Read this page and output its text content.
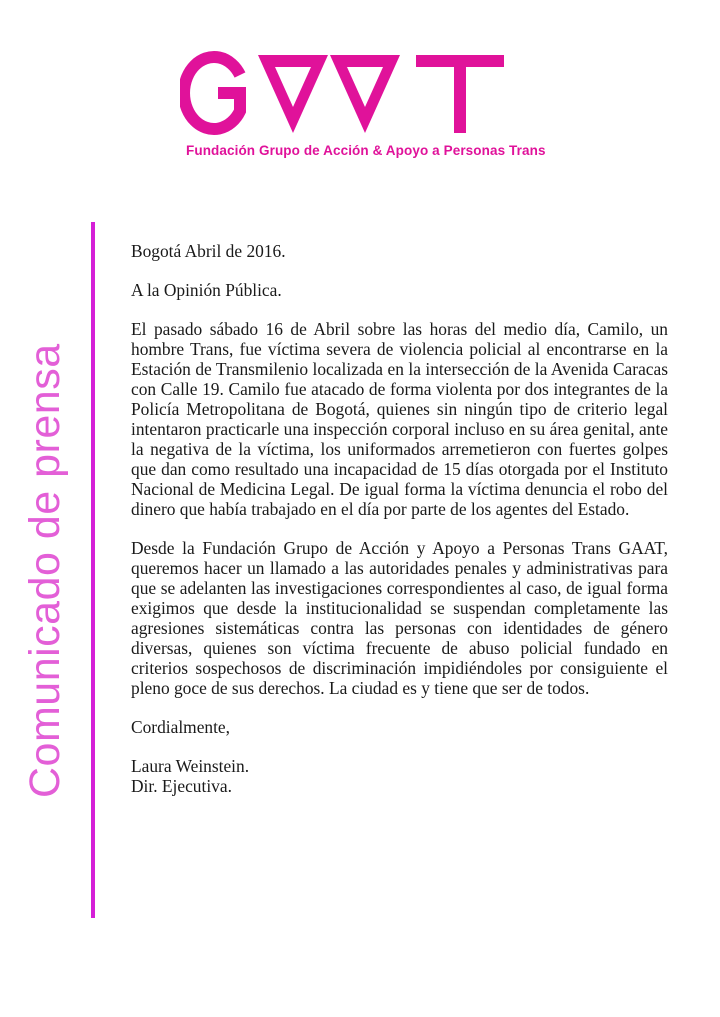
Fundación Grupo de Acción & Apoyo a Personas Trans
Comunicado de prensa

Bogotá Abril de 2016.

A la Opinión Pública.

El pasado sábado 16 de Abril sobre las horas del medio día, Camilo, un hombre Trans, fue víctima severa de violencia policial al encontrarse en la Estación de Transmilenio localizada en la intersección de la Avenida Caracas con Calle 19. Camilo fue atacado de forma violenta por dos integrantes de la Policía Metropolitana de Bogotá, quienes sin ningún tipo de criterio legal intentaron practicarle una inspección corporal incluso en su área genital, ante la negativa de la víctima, los uniformados arremetieron con fuertes golpes que dan como resultado una incapacidad de 15 días otorgada por el Instituto Nacional de Medicina Legal. De igual forma la víctima denuncia el robo del dinero que había trabajado en el día por parte de los agentes del Estado.

Desde la Fundación Grupo de Acción y Apoyo a Personas Trans GAAT, queremos hacer un llamado a las autoridades penales y administrativas para que se adelanten las investigaciones correspondientes al caso, de igual forma exigimos que desde la institucionalidad se suspendan completamente las agresiones sistemáticas contra las personas con identidades de género diversas, quienes son víctima frecuente de abuso policial fundado en criterios sospechosos de discriminación impidiéndoles por consiguiente el pleno goce de sus derechos. La ciudad es y tiene que ser de todos.

Cordialmente,

Laura Weinstein.

Dir. Ejecutiva.
